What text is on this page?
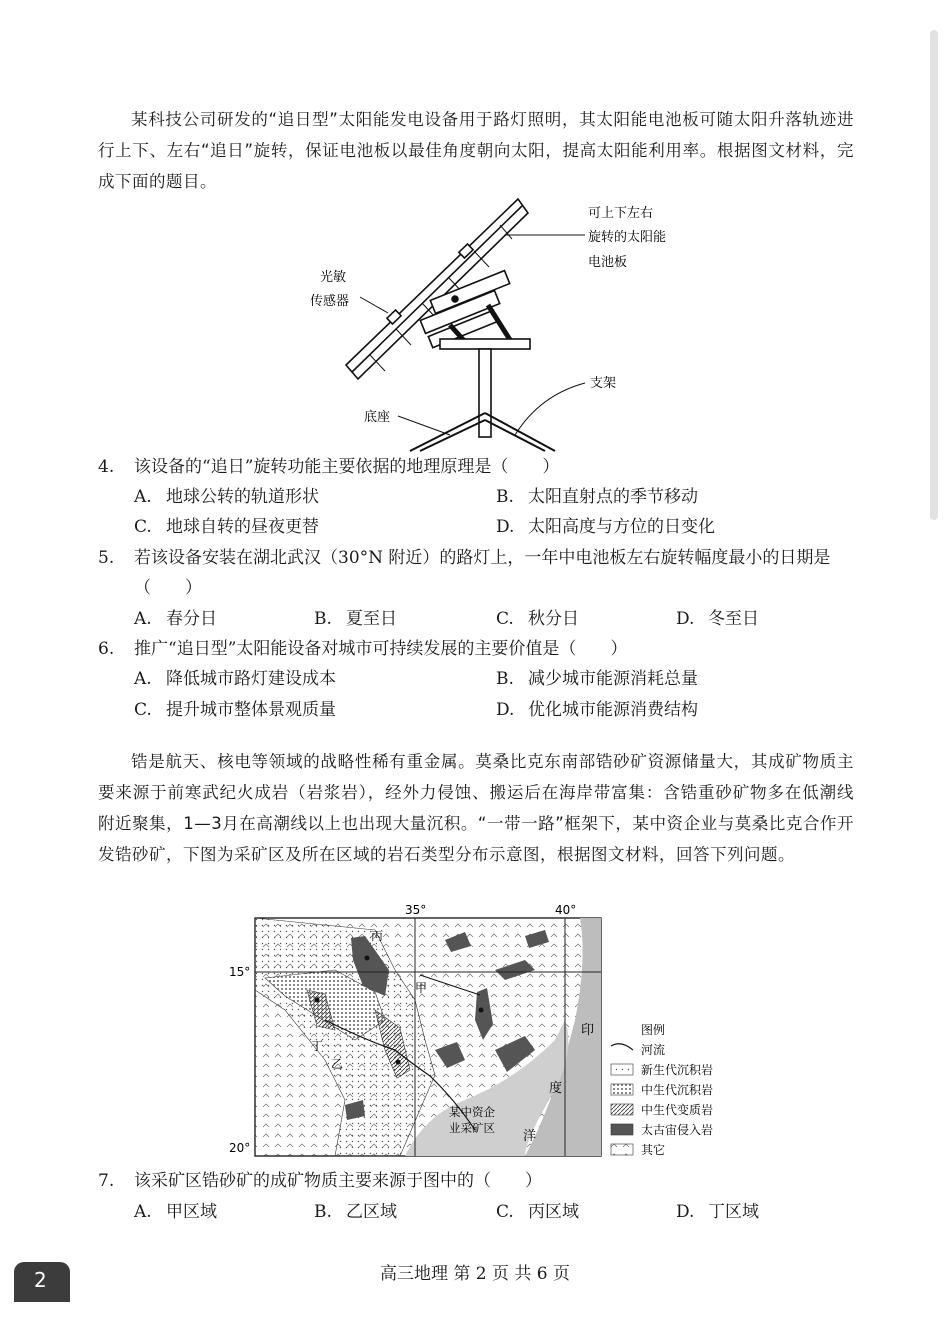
某科技公司研发的“追日型”太阳能发电设备用于路灯照明，其太阳能电池板可随太阳升落轨迹进行上下、左右“追日”旋转，保证电池板以最佳角度朝向太阳，提高太阳能利用率。根据图文材料，完成下面的题目。

可上下左右
旋转的太阳能
电池板
光敏
传感器
支架
底座
4. 该设备的“追日”旋转功能主要依据的地理原理是（　　）
A. 地球公转的轨道形状	B. 太阳直射点的季节移动
C. 地球自转的昼夜更替	D. 太阳高度与方位的日变化
5. 若该设备安装在湖北武汉（30°N 附近）的路灯上，一年中电池板左右旋转幅度最小的日期是（　　）
A. 春分日	B. 夏至日	C. 秋分日	D. 冬至日
6. 推广“追日型”太阳能设备对城市可持续发展的主要价值是（　　）
A. 降低城市路灯建设成本	B. 减少城市能源消耗总量
C. 提升城市整体景观质量	D. 优化城市能源消费结构

锆是航天、核电等领域的战略性稀有重金属。莫桑比克东南部锆砂矿资源储量大，其成矿物质主要来源于前寒武纪火成岩（岩浆岩），经外力侵蚀、搬运后在海岸带富集：含锆重砂矿物多在低潮线附近聚集，1—3月在高潮线以上也出现大量沉积。“一带一路”框架下，某中资企业与莫桑比克合作开发锆砂矿，下图为采矿区及所在区域的岩石类型分布示意图，根据图文材料，回答下列问题。

35°	40°
15°
20°
丙
甲
丁
乙
印
度
洋
某中资企
业采矿区
图例
河流
新生代沉积岩
中生代沉积岩
中生代变质岩
太古宙侵入岩
其它
7. 该采矿区锆砂矿的成矿物质主要来源于图中的（　　）
A. 甲区域	B. 乙区域	C. 丙区域	D. 丁区域
高三地理 第 2 页 共 6 页
2
